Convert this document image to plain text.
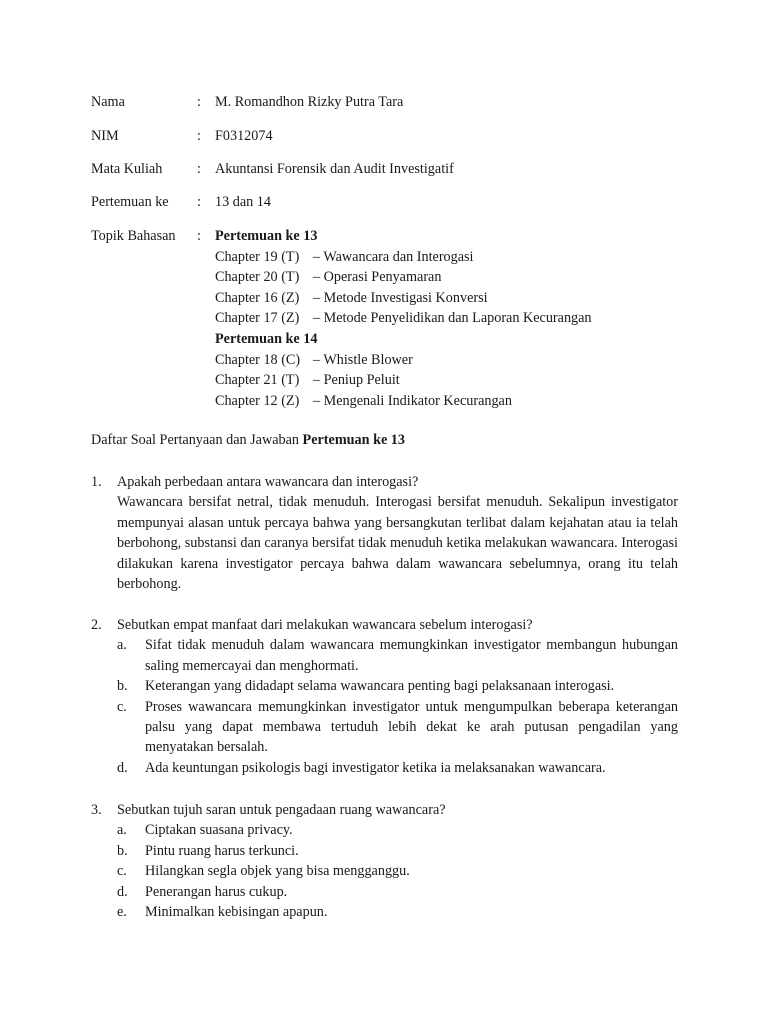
Nama	: M. Romandhon Rizky Putra Tara
NIM	: F0312074
Mata Kuliah : Akuntansi Forensik dan Audit Investigatif
Pertemuan ke : 13 dan 14
Topik Bahasan : Pertemuan ke 13
Chapter 19 (T) – Wawancara dan Interogasi
Chapter 20 (T) – Operasi Penyamaran
Chapter 16 (Z) – Metode Investigasi Konversi
Chapter 17 (Z) – Metode Penyelidikan dan Laporan Kecurangan
Pertemuan ke 14
Chapter 18 (C) – Whistle Blower
Chapter 21 (T) – Peniup Peluit
Chapter 12 (Z) – Mengenali Indikator Kecurangan
Daftar Soal Pertanyaan dan Jawaban Pertemuan ke 13
1. Apakah perbedaan antara wawancara dan interogasi?
Wawancara bersifat netral, tidak menuduh. Interogasi bersifat menuduh. Sekalipun investigator mempunyai alasan untuk percaya bahwa yang bersangkutan terlibat dalam kejahatan atau ia telah berbohong, substansi dan caranya bersifat tidak menuduh ketika melakukan wawancara. Interogasi dilakukan karena investigator percaya bahwa dalam wawancara sebelumnya, orang itu telah berbohong.
2. Sebutkan empat manfaat dari melakukan wawancara sebelum interogasi?
a. Sifat tidak menuduh dalam wawancara memungkinkan investigator membangun hubungan saling memercayai dan menghormati.
b. Keterangan yang didadapt selama wawancara penting bagi pelaksanaan interogasi.
c. Proses wawancara memungkinkan investigator untuk mengumpulkan beberapa keterangan palsu yang dapat membawa tertuduh lebih dekat ke arah putusan pengadilan yang menyatakan bersalah.
d. Ada keuntungan psikologis bagi investigator ketika ia melaksanakan wawancara.
3. Sebutkan tujuh saran untuk pengadaan ruang wawancara?
a. Ciptakan suasana privacy.
b. Pintu ruang harus terkunci.
c. Hilangkan segla objek yang bisa mengganggu.
d. Penerangan harus cukup.
e. Minimalkan kebisingan apapun.
